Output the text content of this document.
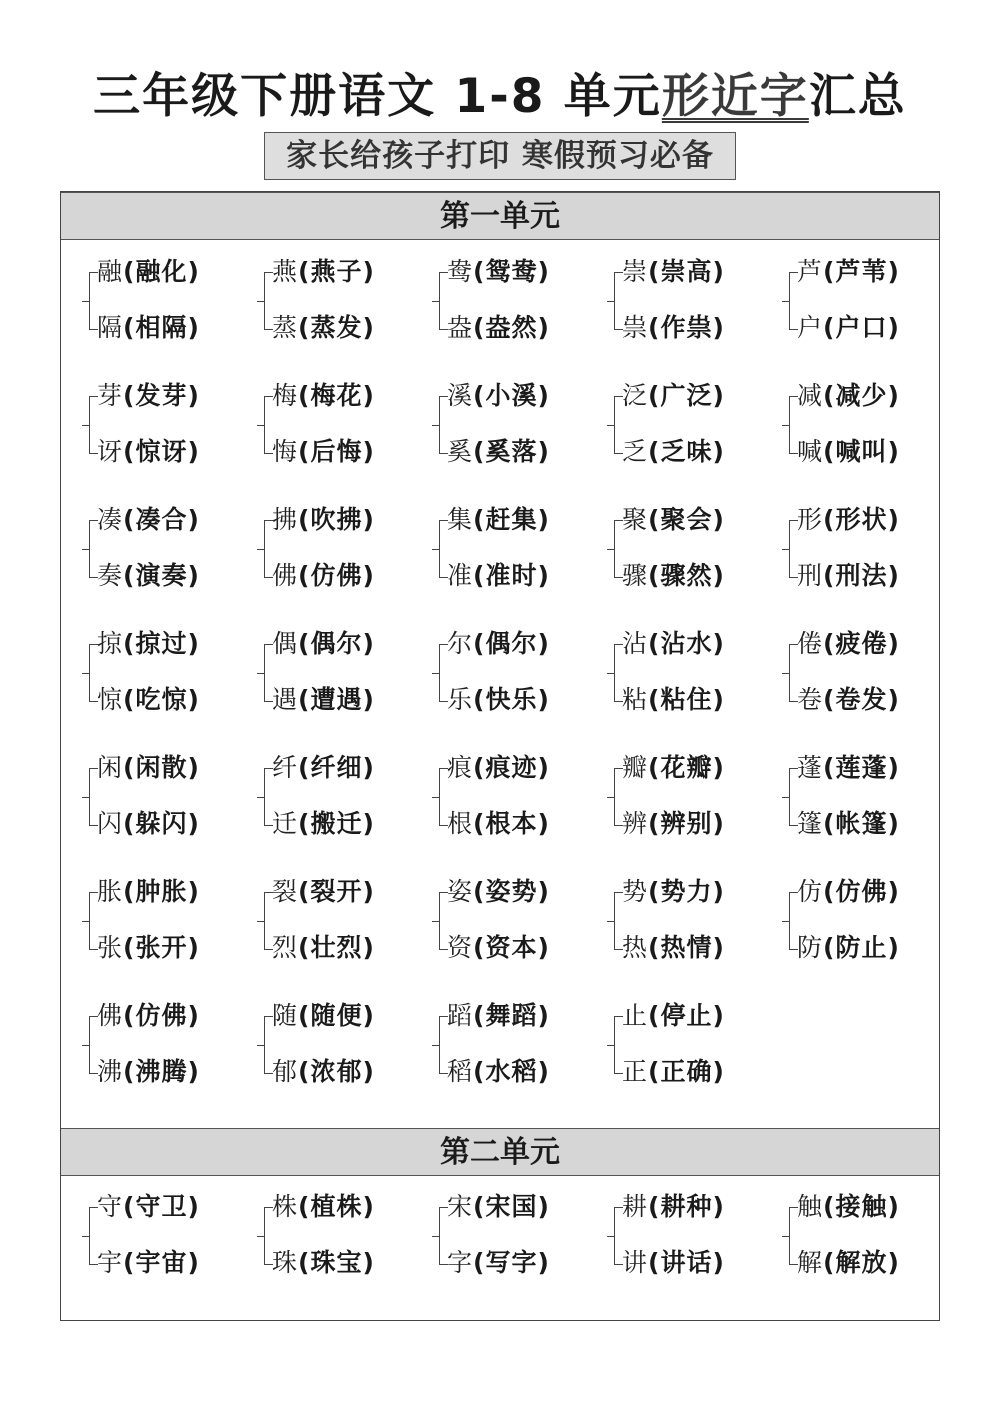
三年级下册语文 1-8 单元形近字汇总
家长给孩子打印 寒假预习必备
第一单元
融(融化)
隔(相隔)
燕(燕子)
蒸(蒸发)
鸯(鸳鸯)
盎(盎然)
崇(崇高)
祟(作祟)
芦(芦苇)
户(户口)
芽(发芽)
讶(惊讶)
梅(梅花)
悔(后悔)
溪(小溪)
奚(奚落)
泛(广泛)
乏(乏味)
减(减少)
喊(喊叫)
凑(凑合)
奏(演奏)
拂(吹拂)
佛(仿佛)
集(赶集)
准(准时)
聚(聚会)
骤(骤然)
形(形状)
刑(刑法)
掠(掠过)
惊(吃惊)
偶(偶尔)
遇(遭遇)
尔(偶尔)
乐(快乐)
沾(沾水)
粘(粘住)
倦(疲倦)
卷(卷发)
闲(闲散)
闪(躲闪)
纤(纤细)
迁(搬迁)
痕(痕迹)
根(根本)
瓣(花瓣)
辨(辨别)
蓬(莲蓬)
篷(帐篷)
胀(肿胀)
张(张开)
裂(裂开)
烈(壮烈)
姿(姿势)
资(资本)
势(势力)
热(热情)
仿(仿佛)
防(防止)
佛(仿佛)
沸(沸腾)
随(随便)
郁(浓郁)
蹈(舞蹈)
稻(水稻)
止(停止)
正(正确)
第二单元
守(守卫)
宇(宇宙)
株(植株)
珠(珠宝)
宋(宋国)
字(写字)
耕(耕种)
讲(讲话)
触(接触)
解(解放)
